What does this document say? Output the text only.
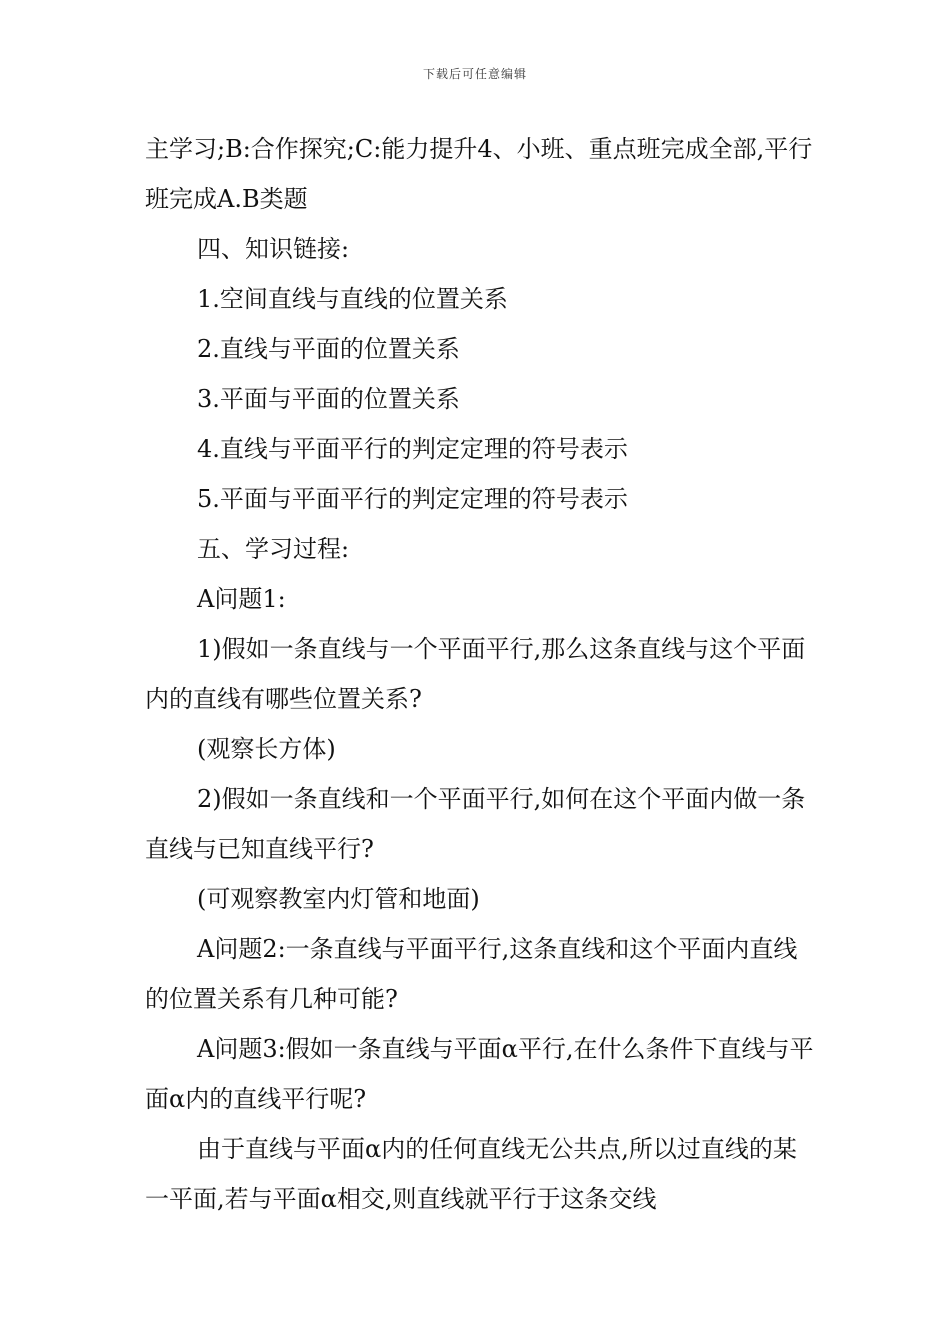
下载后可任意编辑

主学习;B:合作探究;C:能力提升4、小班、重点班完成全部,平行班完成A.B类题

四、知识链接:

1.空间直线与直线的位置关系

2.直线与平面的位置关系

3.平面与平面的位置关系

4.直线与平面平行的判定定理的符号表示

5.平面与平面平行的判定定理的符号表示

五、学习过程:

A问题1:

1)假如一条直线与一个平面平行,那么这条直线与这个平面内的直线有哪些位置关系?

(观察长方体)

2)假如一条直线和一个平面平行,如何在这个平面内做一条直线与已知直线平行?

(可观察教室内灯管和地面)

A问题2:一条直线与平面平行,这条直线和这个平面内直线的位置关系有几种可能?

A问题3:假如一条直线与平面α平行,在什么条件下直线与平面α内的直线平行呢?

由于直线与平面α内的任何直线无公共点,所以过直线的某一平面,若与平面α相交,则直线就平行于这条交线
